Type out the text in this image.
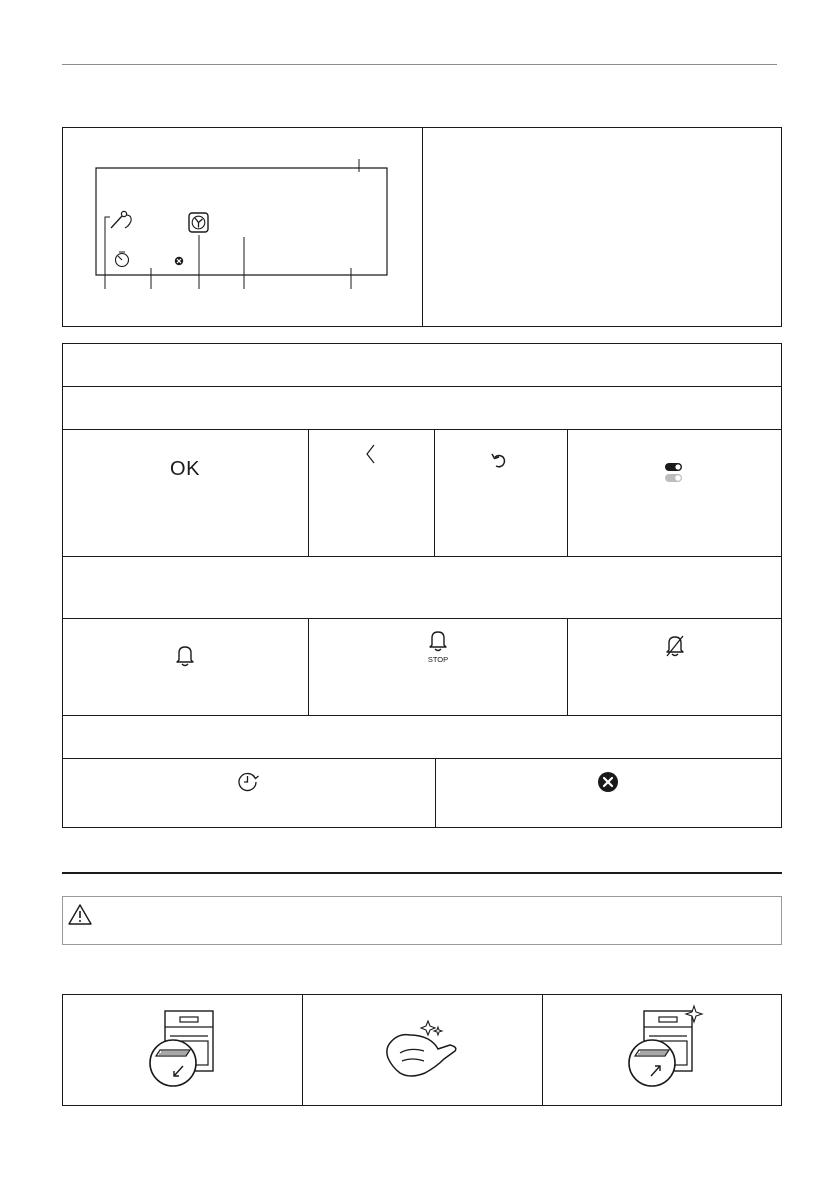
OK
STOP
